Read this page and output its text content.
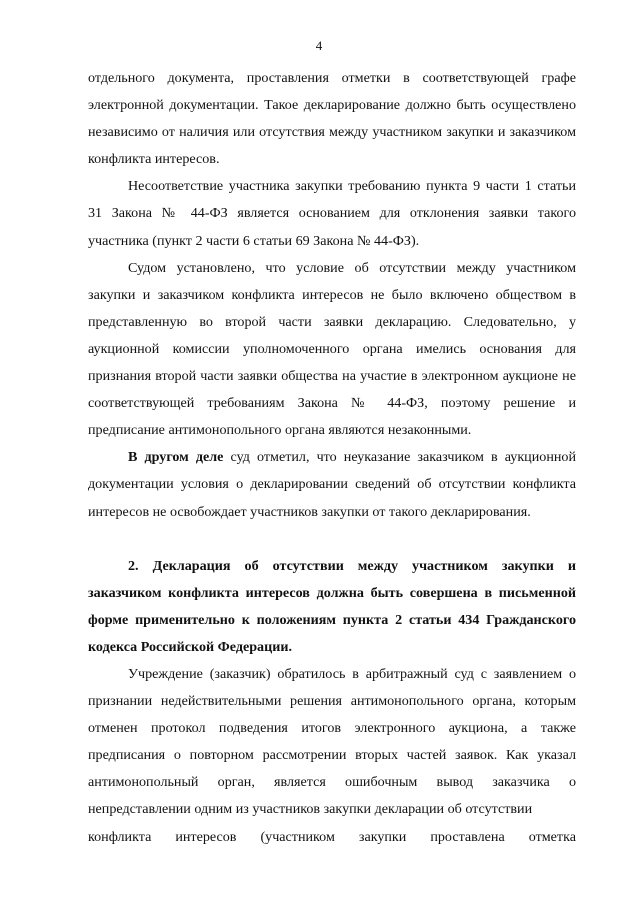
4

отдельного документа, проставления отметки в соответствующей графе электронной документации. Такое декларирование должно быть осуществлено независимо от наличия или отсутствия между участником закупки и заказчиком конфликта интересов.

Несоответствие участника закупки требованию пункта 9 части 1 статьи 31 Закона № 44-ФЗ является основанием для отклонения заявки такого участника (пункт 2 части 6 статьи 69 Закона № 44-ФЗ).

Судом установлено, что условие об отсутствии между участником закупки и заказчиком конфликта интересов не было включено обществом в представленную во второй части заявки декларацию. Следовательно, у аукционной комиссии уполномоченного органа имелись основания для признания второй части заявки общества на участие в электронном аукционе не соответствующей требованиям Закона № 44-ФЗ, поэтому решение и предписание антимонопольного органа являются незаконными.

В другом деле суд отметил, что неуказание заказчиком в аукционной документации условия о декларировании сведений об отсутствии конфликта интересов не освобождает участников закупки от такого декларирования.

2. Декларация об отсутствии между участником закупки и заказчиком конфликта интересов должна быть совершена в письменной форме применительно к положениям пункта 2 статьи 434 Гражданского кодекса Российской Федерации.

Учреждение (заказчик) обратилось в арбитражный суд с заявлением о признании недействительными решения антимонопольного органа, которым отменен протокол подведения итогов электронного аукциона, а также предписания о повторном рассмотрении вторых частей заявок. Как указал антимонопольный орган, является ошибочным вывод заказчика о непредставлении одним из участников закупки декларации об отсутствии

конфликта интересов (участником закупки проставлена отметка
